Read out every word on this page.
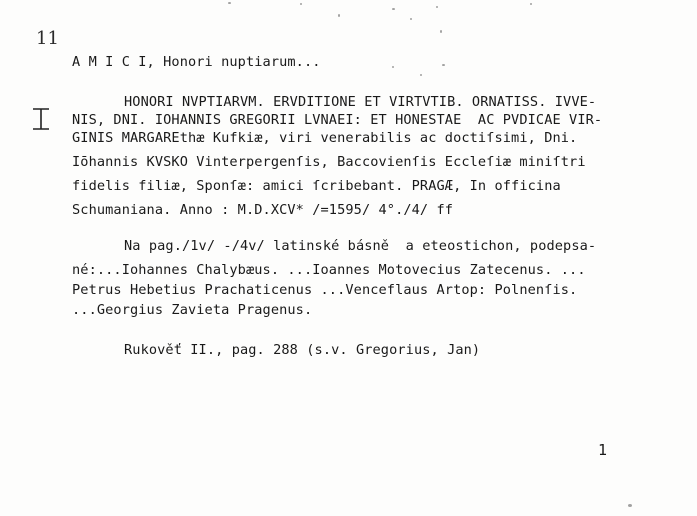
11
A M I C I, Honori nuptiarum...
HONORI NVPTIARVM. ERVDITIONE ET VIRTVTIB. ORNATISS. IVVE-
NIS, DNI. IOHANNIS GREGORII LVNAEI: ET HONESTAE  AC PVDICAE VIR-
GINIS MARGAREthæ Kufkiæ, viri venerabilis ac doctiſsimi, Dni.
Iōhannis KVSKO Vinterpergenſis, Baccovienſis Eccleſiæ miniſtri
fidelis filiæ, Sponſæ: amici ſcribebant. PRAGÆ, In officina
Schumaniana. Anno : M.D.XCV* /=1595/ 4°./4/ ff
Na pag./1v/ -/4v/ latinské básně  a eteostichon, podepsa-
né:...Iohannes Chalybæus. ...Ioannes Motovecius Zatecenus. ...
Petrus Hebetius Prachaticenus ...Venceflaus Artop: Polnenſis.
...Georgius Zavieta Pragenus.
Rukověť II., pag. 288 (s.v. Gregorius, Jan)
1
